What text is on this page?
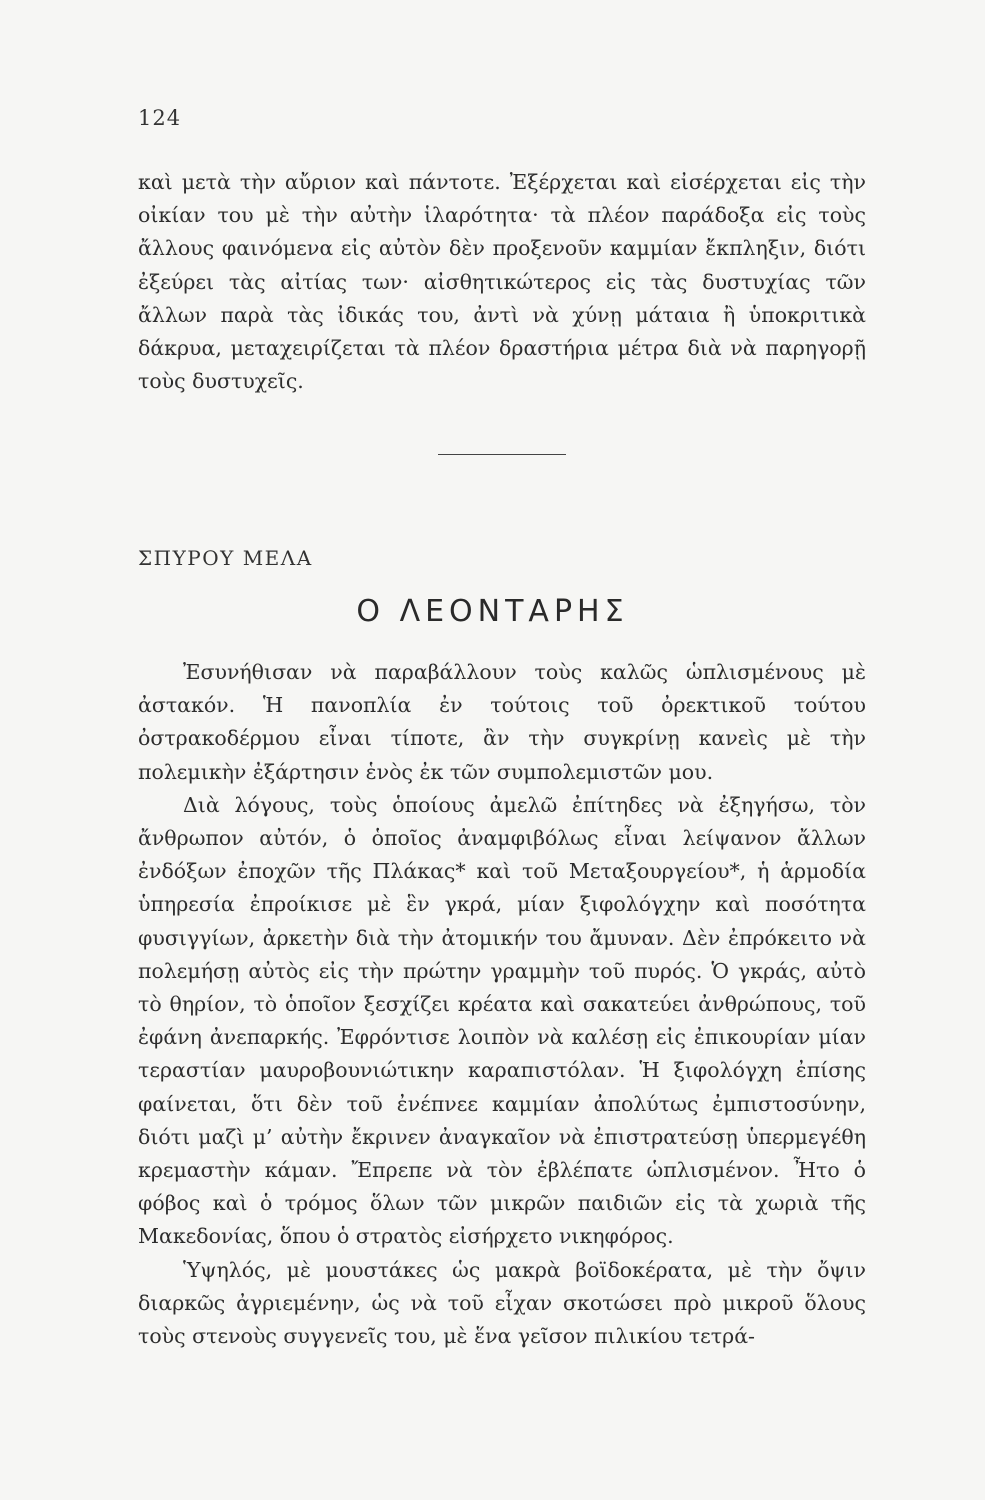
124

καὶ μετὰ τὴν αὔριον καὶ πάντοτε. Ἐξέρχεται καὶ εἰσέρχεται εἰς τὴν οἰκίαν του μὲ τὴν αὐτὴν ἱλαρότητα· τὰ πλέον παράδοξα εἰς τοὺς ἄλλους φαινόμενα εἰς αὐτὸν δὲν προξενοῦν καμμίαν ἔκπληξιν, διότι ἐξεύρει τὰς αἰτίας των· αἰσθητικώτερος εἰς τὰς δυστυχίας τῶν ἄλλων παρὰ τὰς ἰδικάς του, ἀντὶ νὰ χύνῃ μάταια ἢ ὑποκριτικὰ δάκρυα, μεταχειρίζεται τὰ πλέον δραστήρια μέτρα διὰ νὰ παρηγορῇ τοὺς δυστυχεῖς.

ΣΠΥΡΟΥ ΜΕΛΑ
Ο ΛΕΟΝΤΑΡΗΣ

Ἐσυνήθισαν νὰ παραβάλλουν τοὺς καλῶς ὡπλισμένους μὲ ἀστακόν. Ἡ πανοπλία ἐν τούτοις τοῦ ὀρεκτικοῦ τούτου ὀστρακοδέρμου εἶναι τίποτε, ἂν τὴν συγκρίνῃ κανεὶς μὲ τὴν πολεμικὴν ἐξάρτησιν ἑνὸς ἐκ τῶν συμπολεμιστῶν μου.

Διὰ λόγους, τοὺς ὁποίους ἀμελῶ ἐπίτηδες νὰ ἐξηγήσω, τὸν ἄνθρωπον αὐτόν, ὁ ὁποῖος ἀναμφιβόλως εἶναι λείψανον ἄλλων ἐνδόξων ἐποχῶν τῆς Πλάκας* καὶ τοῦ Μεταξουργείου*, ἡ ἁρμοδία ὑπηρεσία ἐπροίκισε μὲ ἓν γκρά, μίαν ξιφολόγχην καὶ ποσότητα φυσιγγίων, ἀρκετὴν διὰ τὴν ἀτομικήν του ἄμυναν. Δὲν ἐπρόκειτο νὰ πολεμήσῃ αὐτὸς εἰς τὴν πρώτην γραμμὴν τοῦ πυρός. Ὁ γκράς, αὐτὸ τὸ θηρίον, τὸ ὁποῖον ξεσχίζει κρέατα καὶ σακατεύει ἀνθρώπους, τοῦ ἐφάνη ἀνεπαρκής. Ἐφρόντισε λοιπὸν νὰ καλέσῃ εἰς ἐπικουρίαν μίαν τεραστίαν μαυροβουνιώτικην καραπιστόλαν. Ἡ ξιφολόγχη ἐπίσης φαίνεται, ὅτι δὲν τοῦ ἐνέπνεε καμμίαν ἀπολύτως ἐμπιστοσύνην, διότι μαζὶ μ’ αὐτὴν ἔκρινεν ἀναγκαῖον νὰ ἐπιστρατεύσῃ ὑπερμεγέθη κρεμαστὴν κάμαν. Ἔπρεπε νὰ τὸν ἐβλέπατε ὡπλισμένον. Ἦτο ὁ φόβος καὶ ὁ τρόμος ὅλων τῶν μικρῶν παιδιῶν εἰς τὰ χωριὰ τῆς Μακεδονίας, ὅπου ὁ στρατὸς εἰσήρχετο νικηφόρος.

Ὑψηλός, μὲ μουστάκες ὡς μακρὰ βοϊδοκέρατα, μὲ τὴν ὄψιν διαρκῶς ἀγριεμένην, ὡς νὰ τοῦ εἶχαν σκοτώσει πρὸ μικροῦ ὅλους τοὺς στενοὺς συγγενεῖς του, μὲ ἕνα γεῖσον πιλικίου τετρά-
